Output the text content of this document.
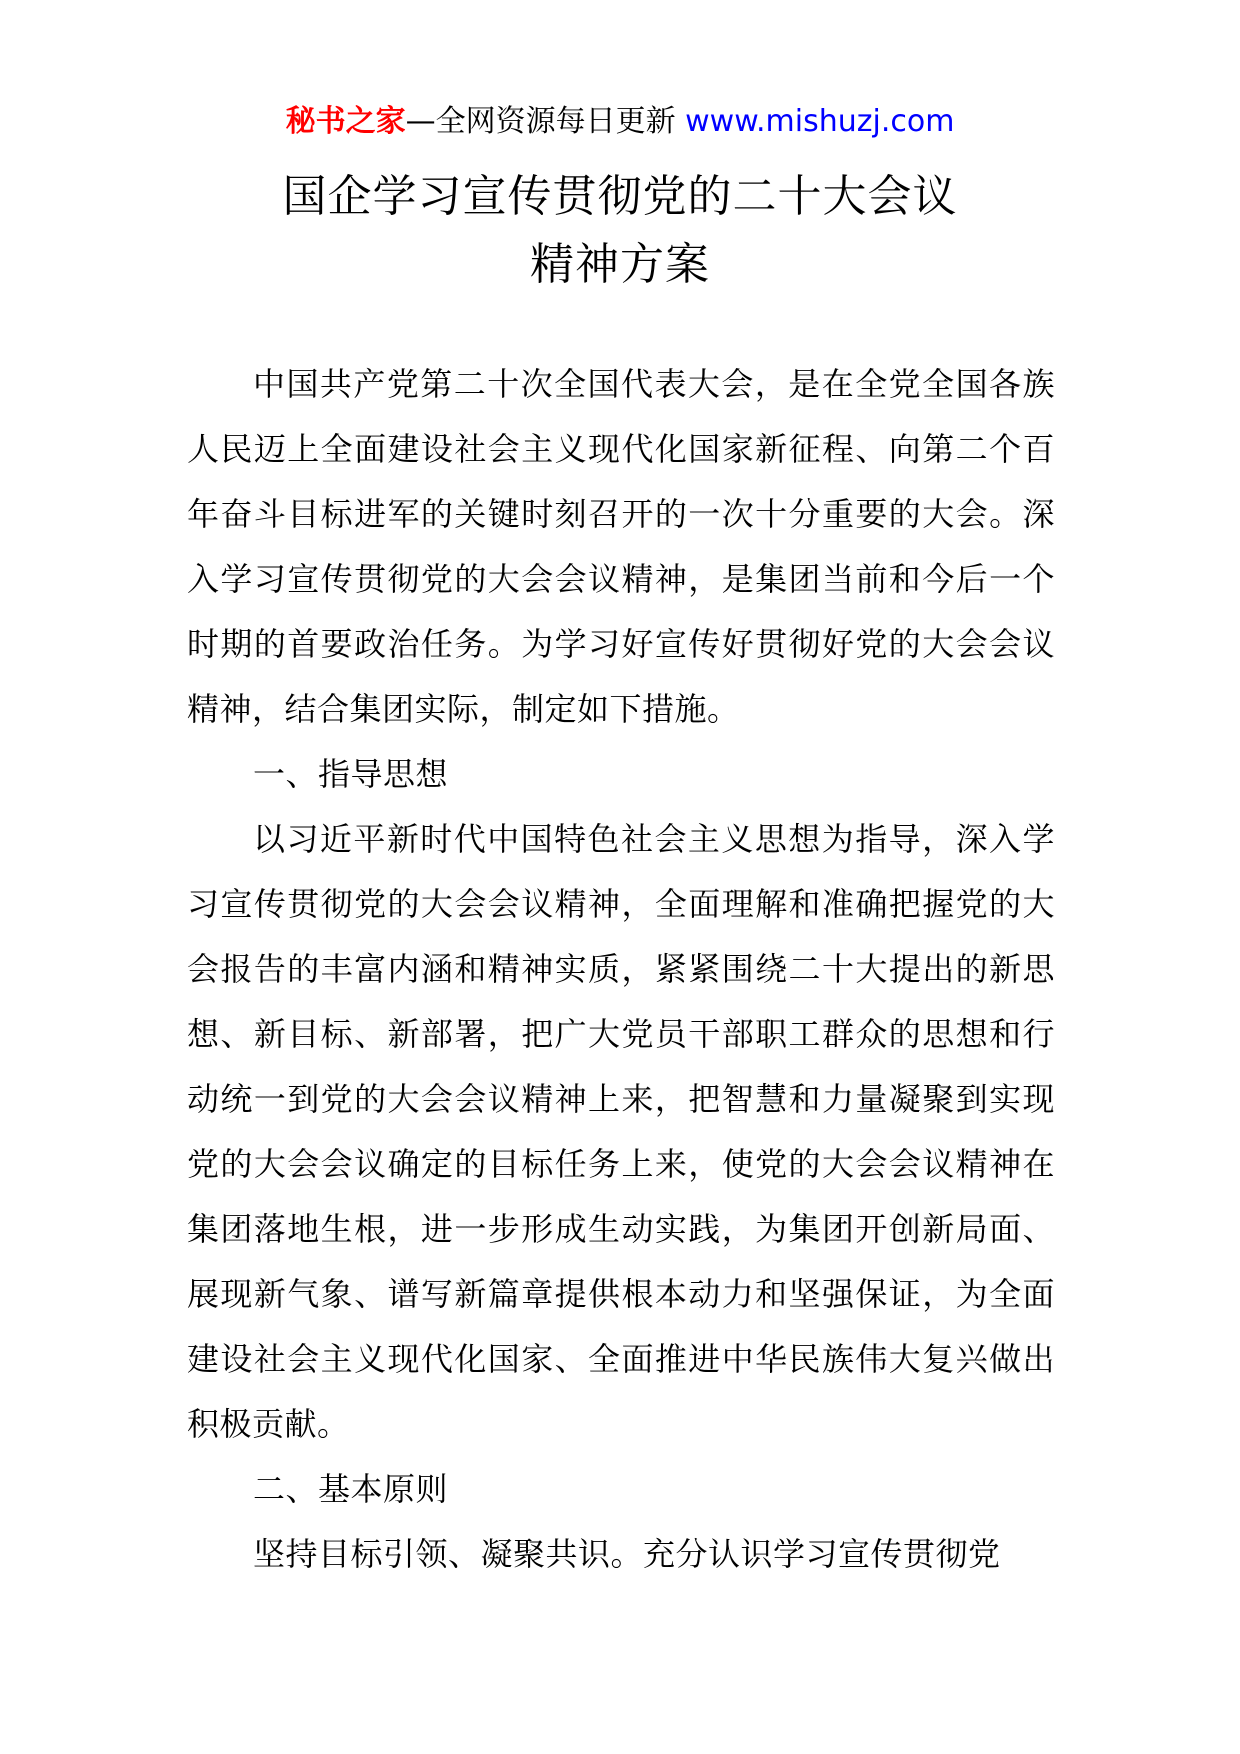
秘书之家—全网资源每日更新 www.mishuzj.com
国企学习宣传贯彻党的二十大会议
精神方案

中国共产党第二十次全国代表大会，是在全党全国各族人民迈上全面建设社会主义现代化国家新征程、向第二个百年奋斗目标进军的关键时刻召开的一次十分重要的大会。深入学习宣传贯彻党的大会会议精神，是集团当前和今后一个时期的首要政治任务。为学习好宣传好贯彻好党的大会会议精神，结合集团实际，制定如下措施。

一、指导思想

以习近平新时代中国特色社会主义思想为指导，深入学习宣传贯彻党的大会会议精神，全面理解和准确把握党的大会报告的丰富内涵和精神实质，紧紧围绕二十大提出的新思想、新目标、新部署，把广大党员干部职工群众的思想和行动统一到党的大会会议精神上来，把智慧和力量凝聚到实现党的大会会议确定的目标任务上来，使党的大会会议精神在集团落地生根，进一步形成生动实践，为集团开创新局面、展现新气象、谱写新篇章提供根本动力和坚强保证，为全面建设社会主义现代化国家、全面推进中华民族伟大复兴做出积极贡献。

二、基本原则

坚持目标引领、凝聚共识。充分认识学习宣传贯彻党
